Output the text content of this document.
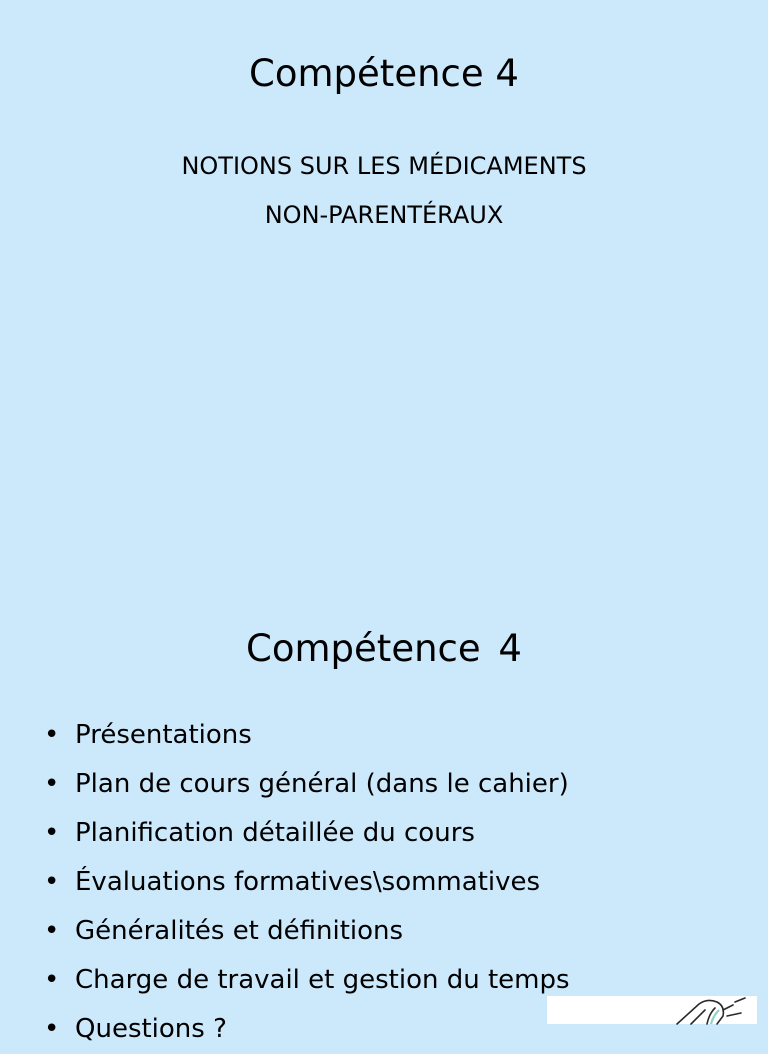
Compétence 4
NOTIONS SUR LES MÉDICAMENTS
NON-PARENTÉRAUX
Compétence 4
• Présentations
• Plan de cours général (dans le cahier)
• Planification détaillée du cours
• Évaluations formatives\sommatives
• Généralités et définitions
• Charge de travail et gestion du temps
• Questions ?
